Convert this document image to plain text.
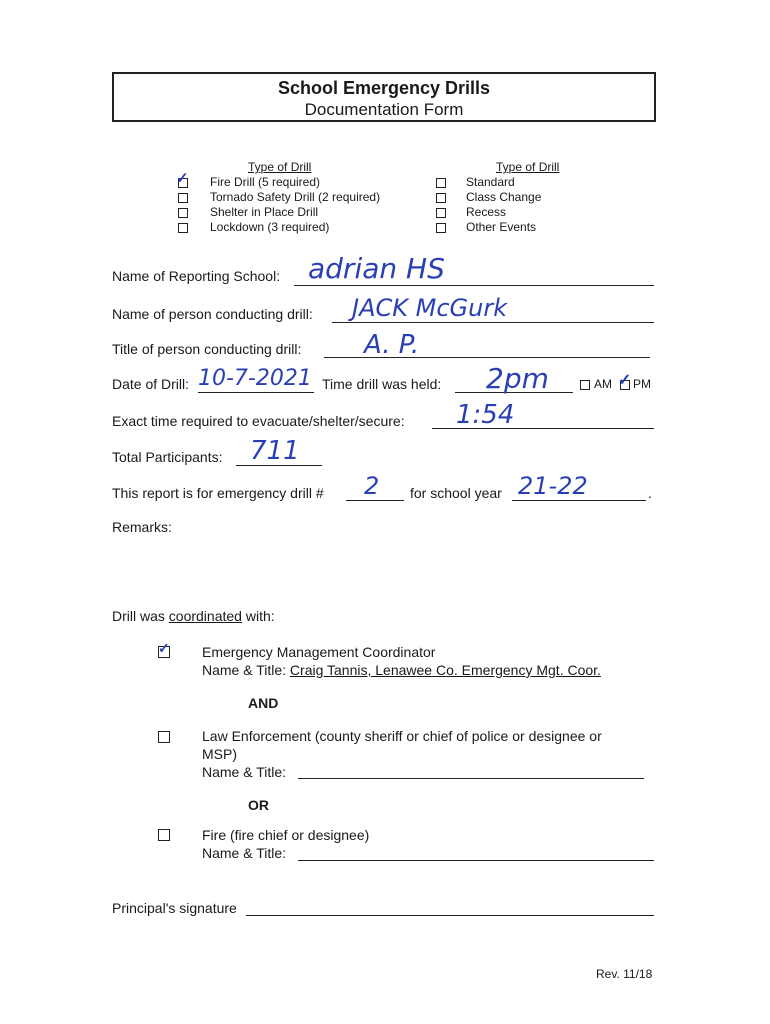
School Emergency Drills
Documentation Form
Type of Drill
Fire Drill (5 required)
Tornado Safety Drill (2 required)
Shelter in Place Drill
Lockdown (3 required)
✓
Type of Drill
Standard
Class Change
Recess
Other Events
Name of Reporting School: adrian HS
Name of person conducting drill: JACK McGurk
Title of person conducting drill: A. P.
Date of Drill: 10-7-2021 Time drill was held: 2pm	AM ✓ PM
Exact time required to evacuate/shelter/secure: 1:54
Total Participants: 711
This report is for emergency drill # 2 for school year 21-22	.
Remarks:
Drill was coordinated with:
✓ Emergency Management Coordinator
Name & Title: Craig Tannis, Lenawee Co. Emergency Mgt. Coor.
AND
Law Enforcement (county sheriff or chief of police or designee or
MSP)
Name & Title:
OR
Fire (fire chief or designee)
Name & Title:
Principal's signature
Rev. 11/18
